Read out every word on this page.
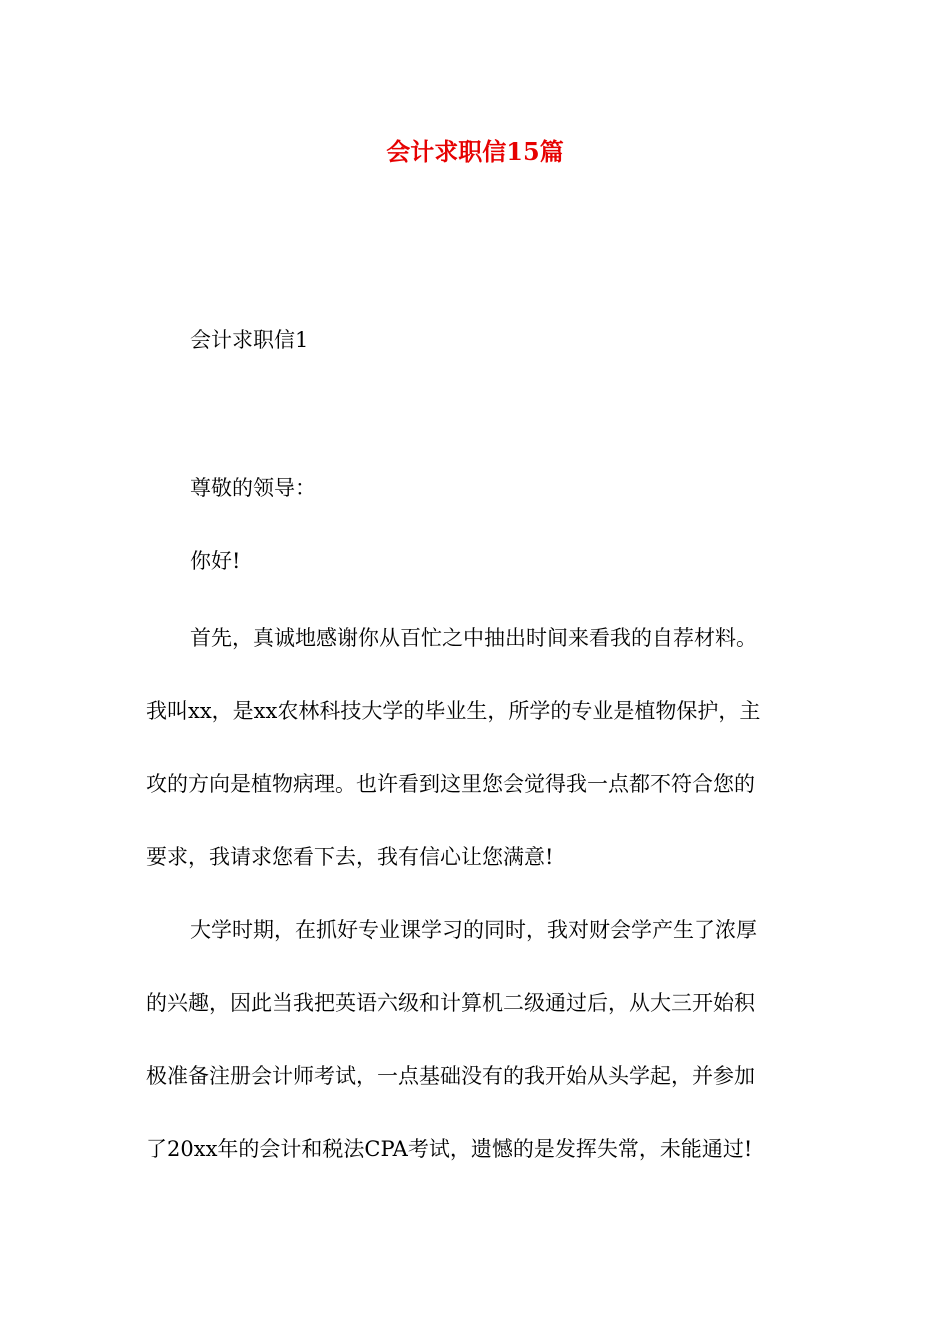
会计求职信15篇
会计求职信1
尊敬的领导：
你好!
首先，真诚地感谢你从百忙之中抽出时间来看我的自荐材料。
我叫xx，是xx农林科技大学的毕业生，所学的专业是植物保护，主
攻的方向是植物病理。也许看到这里您会觉得我一点都不符合您的
要求，我请求您看下去，我有信心让您满意!
大学时期，在抓好专业课学习的同时，我对财会学产生了浓厚
的兴趣，因此当我把英语六级和计算机二级通过后，从大三开始积
极准备注册会计师考试，一点基础没有的我开始从头学起，并参加
了20xx年的会计和税法CPA考试，遗憾的是发挥失常，未能通过!
